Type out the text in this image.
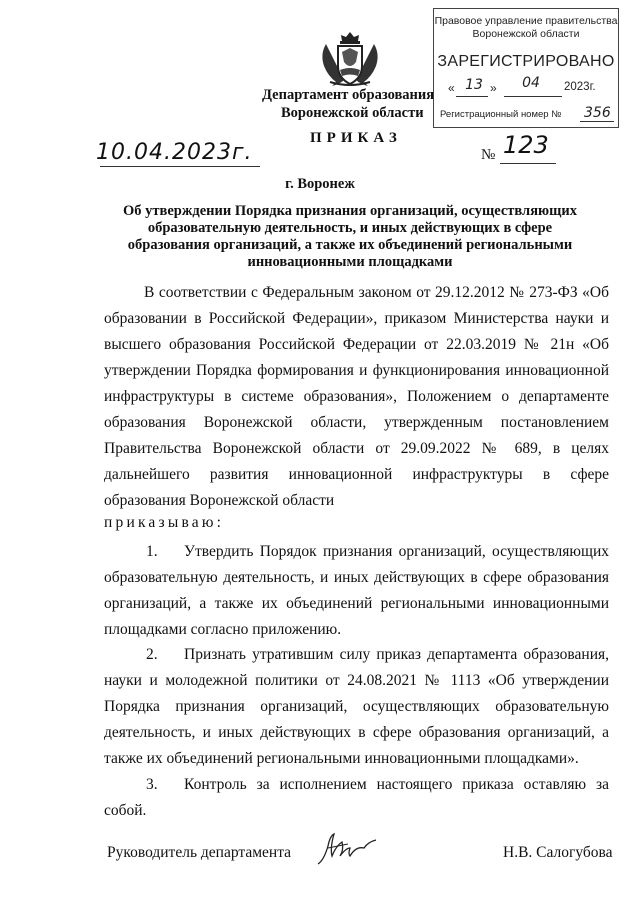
Департамент образования
Воронежской области
Правовое управление правительства
Воронежской области
ЗАРЕГИСТРИРОВАНО
« 13 »	04	2023г.
Регистрационный номер № 356
ПРИКАЗ
10.04.2023г.	№ 123
г. Воронеж
Об утверждении Порядка признания организаций, осуществляющих образовательную деятельность, и иных действующих в сфере образования организаций, а также их объединений региональными инновационными площадками
В соответствии с Федеральным законом от 29.12.2012 № 273-ФЗ «Об образовании в Российской Федерации», приказом Министерства науки и высшего образования Российской Федерации от 22.03.2019 № 21н «Об утверждении Порядка формирования и функционирования инновационной инфраструктуры в системе образования», Положением о департаменте образования Воронежской области, утвержденным постановлением Правительства Воронежской области от 29.09.2022 № 689, в целях дальнейшего развития инновационной инфраструктуры в сфере образования Воронежской области
приказываю:
1. Утвердить Порядок признания организаций, осуществляющих образовательную деятельность, и иных действующих в сфере образования организаций, а также их объединений региональными инновационными площадками согласно приложению.
2. Признать утратившим силу приказ департамента образования, науки и молодежной политики от 24.08.2021 № 1113 «Об утверждении Порядка признания организаций, осуществляющих образовательную деятельность, и иных действующих в сфере образования организаций, а также их объединений региональными инновационными площадками».
3. Контроль за исполнением настоящего приказа оставляю за собой.
Руководитель департамента	Н.В. Салогубова
